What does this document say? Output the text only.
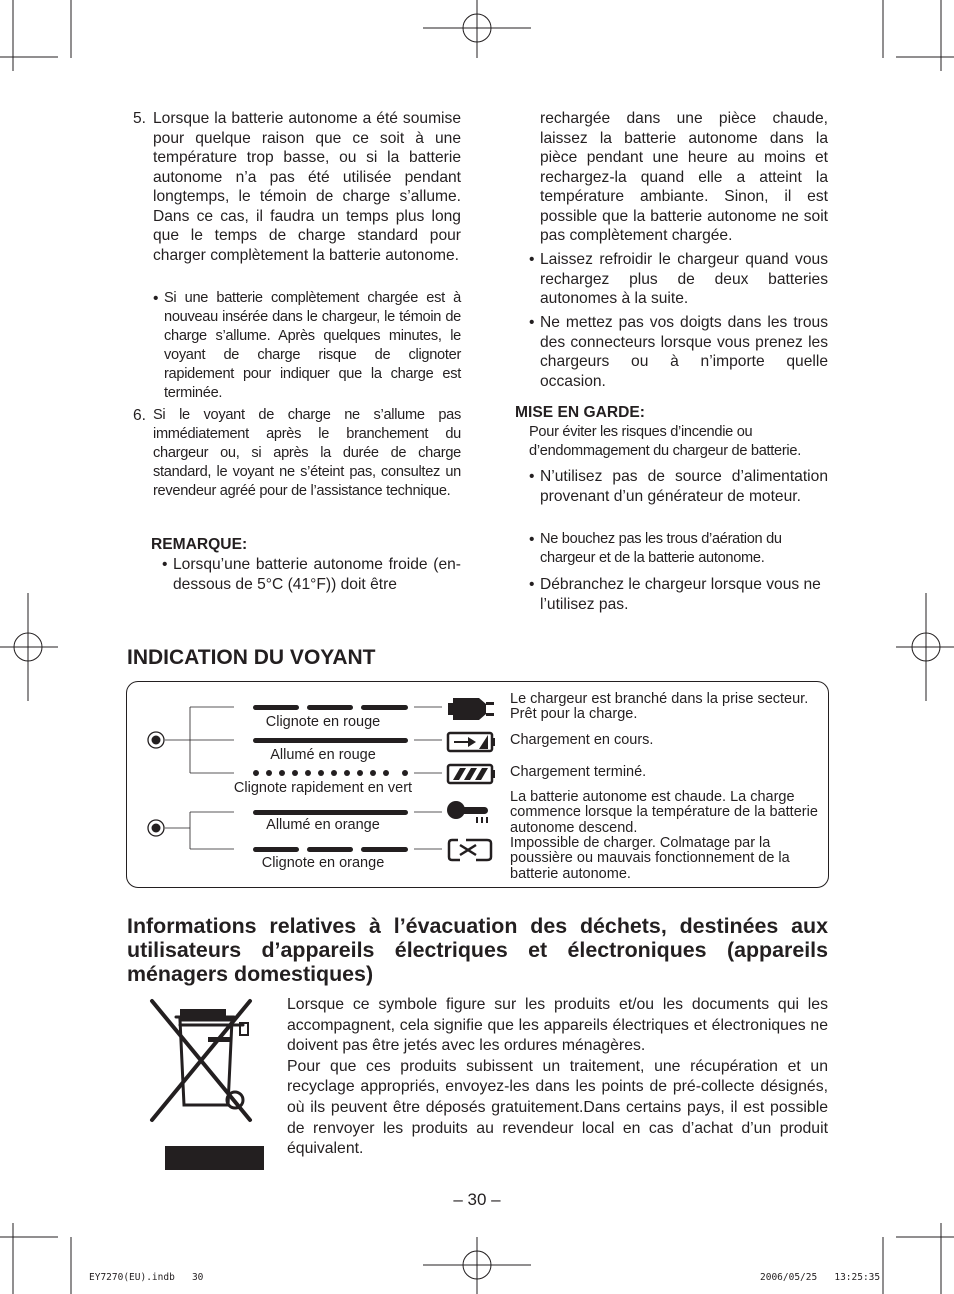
5. Lorsque la batterie autonome a été soumise pour quelque raison que ce soit à une température trop basse, ou si la batterie autonome n’a pas été utilisée pendant longtemps, le témoin de charge s’allume. Dans ce cas, il faudra un temps plus long que le temps de charge standard pour charger complètement la batterie autonome.

• Si une batterie complètement chargée est à nouveau insérée dans le chargeur, le témoin de charge s’allume. Après quelques minutes, le voyant de charge risque de clignoter rapidement pour indiquer que la charge est terminée.

6. Si le voyant de charge ne s’allume pas immédiatement après le branchement du chargeur ou, si après la durée de charge standard, le voyant ne s’éteint pas, consultez un revendeur agréé pour de l’assistance technique.

REMARQUE:
• Lorsqu’une batterie autonome froide (en-dessous de 5°C (41°F)) doit être

rechargée dans une pièce chaude, laissez la batterie autonome dans la pièce pendant une heure au moins et rechargez-la quand elle a atteint la température ambiante. Sinon, il est possible que la batterie autonome ne soit pas complètement chargée.

• Laissez refroidir le chargeur quand vous rechargez plus de deux batteries autonomes à la suite.

• Ne mettez pas vos doigts dans les trous des connecteurs lorsque vous prenez les chargeurs ou à n’importe quelle occasion.

MISE EN GARDE:

Pour éviter les risques d’incendie ou d’endommagement du chargeur de batterie.

• N’utilisez pas de source d’alimentation provenant d’un générateur de moteur.

• Ne bouchez pas les trous d’aération du chargeur et de la batterie autonome.

• Débranchez le chargeur lorsque vous ne l’utilisez pas.

INDICATION DU VOYANT
Clignote en rouge
Allumé en rouge
Clignote rapidement en vert
Allumé en orange
Clignote en orange
Le chargeur est branché dans la prise secteur. Prêt pour la charge.
Chargement en cours.
Chargement terminé.
La batterie autonome est chaude. La charge commence lorsque la température de la batterie autonome descend.
Impossible de charger. Colmatage par la poussière ou mauvais fonctionnement de la batterie autonome.
Informations relatives à l’évacuation des déchets, destinées aux utilisateurs d’appareils électriques et électroniques (appareils ménagers domestiques)

Lorsque ce symbole figure sur les produits et/ou les documents qui les accompagnent, cela signifie que les appareils électriques et électroniques ne doivent pas être jetés avec les ordures ménagères.

Pour que ces produits subissent un traitement, une récupération et un recyclage appropriés, envoyez-les dans les points de pré-collecte désignés, où ils peuvent être déposés gratuitement.Dans certains pays, il est possible de renvoyer les produits au revendeur local en cas d’achat d’un produit équivalent.

– 30 –
EY7270(EU).indb   30	2006/05/25   13:25:35
